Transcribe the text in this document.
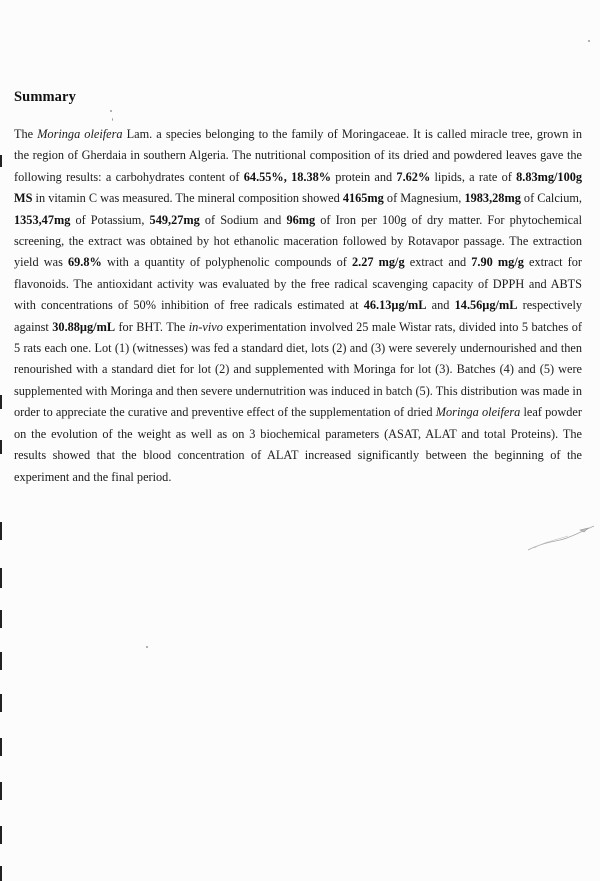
Summary

The Moringa oleifera Lam. a species belonging to the family of Moringaceae. It is called miracle tree, grown in the region of Gherdaia in southern Algeria. The nutritional composition of its dried and powdered leaves gave the following results: a carbohydrates content of 64.55%, 18.38% protein and 7.62% lipids, a rate of 8.83mg/100g MS in vitamin C was measured. The mineral composition showed 4165mg of Magnesium, 1983,28mg of Calcium, 1353,47mg of Potassium, 549,27mg of Sodium and 96mg of Iron per 100g of dry matter. For phytochemical screening, the extract was obtained by hot ethanolic maceration followed by Rotavapor passage. The extraction yield was 69.8% with a quantity of polyphenolic compounds of 2.27 mg/g extract and 7.90 mg/g extract for flavonoids. The antioxidant activity was evaluated by the free radical scavenging capacity of DPPH and ABTS with concentrations of 50% inhibition of free radicals estimated at 46.13µg/mL and 14.56µg/mL respectively against 30.88µg/mL for BHT. The in-vivo experimentation involved 25 male Wistar rats, divided into 5 batches of 5 rats each one. Lot (1) (witnesses) was fed a standard diet, lots (2) and (3) were severely undernourished and then renourished with a standard diet for lot (2) and supplemented with Moringa for lot (3). Batches (4) and (5) were supplemented with Moringa and then severe undernutrition was induced in batch (5). This distribution was made in order to appreciate the curative and preventive effect of the supplementation of dried Moringa oleifera leaf powder on the evolution of the weight as well as on 3 biochemical parameters (ASAT, ALAT and total Proteins). The results showed that the blood concentration of ALAT increased significantly between the beginning of the experiment and the final period.
